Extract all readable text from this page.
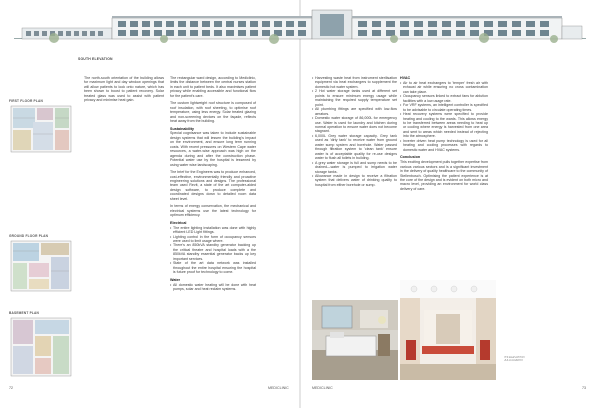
SOUTH ELEVATION
FIRST FLOOR PLAN
GROUND FLOOR PLAN
BASEMENT PLAN

The north-south orientation of the building allows for maximum light and day window openings that will allow patients to look onto nature, which has been shown to boost to patient recovery. Solar treated glass was used to assist with patient privacy and minimise heat gain.

The rectangular ward design, according to Mediclinic, limits the distance between the central nurses station in each unit to patient beds. It also maximises patient privacy while enabling accessible and functional flow for the patient's care.

The custom lightweight roof structure is composed of roof insulation, with roof sheeting, to optimise roof temperature, using less energy. Solar treated glazing and non-screening devices on the façade, reflects heat away from the building.

Sustainability

Special cognisance was taken to include sustainable design systems that will lessen the building's impact on the environment, and ensure long term running costs. With recent pressures on Western Cape water resources, a water-wise approach was high on the agenda during and after the construction phase. Potential water use by the hospital is lessened by using water wise landscaping.

The brief for the Engineers was to produce enhanced, cost-effective, environmentally friendly and proactive engineering solutions and designs. The professional team used Revit, a state of the art computer-aided design software, to produce complete and coordinated designs down to detailed room data sheet level.

In terms of energy conservation, the mechanical and electrical systems use the latest technology for optimum efficiency.

Electrical
• The entire lighting installation was done with highly efficient LED Light fittings.
• Lighting control in the form of occupancy sensors were used to limit usage where.
• There's an 850kVA standby generator backing up the critical theatre and hospital loads with a the 850kVA standby essential generator backs up key important services.
• State of the art data network was installed throughout the entire hospital ensuring the hospital is future proof for technology to come.
Water
• All domestic water heating will be done with heat pumps, solar and heat reclaim systems.
• Harvesting waste heat from instrument sterilisation equipment via heat exchangers to supplement the domestic hot water system.
• 2 Hot water storage tanks used at different set points to ensure minimum energy usage while maintaining the required supply temperature set point.
• All plumbing fittings are specified with low-flow aerators.
• Domestic water storage of 86,000L for emergency use. Water is used for laundry and kitchen during normal operation to ensure water does not become stagnant.
• 6,000L Grey water storage capacity. Grey tank used as 'dirty tank' to receive water from ground water sump system and borehole. Water passed through filtration system to 'clean tank' ensure water is of acceptable quality for re-use designs water to flush all toilets in building.
• A grey water storage is full and sump needs to be drained—water is pumped to irrigation water storage tanks.
• Allowance made in design to receive a filtration system that delivers water of drinking quality to hospital from either borehole or sump.
HVAC
• Air to air heat exchangers to 'temper' fresh air with exhaust air while ensuring no cross contamination can take place.
• Occupancy sensors linked to extract fans for ablution facilities with a low usage rate.
• For VRF systems, an intelligent controller is specified to be advisable to circulate operating times.
• Heat recovery systems were specified to provide heating and cooling to the wards. This allows energy to be transferred between areas needing to heat up or cooling where energy is harvested from one area and sent to areas which needed instead of rejecting into the atmosphere.
• Inverter driven heat pump technology is used for all heating and cooling processes with regards to domestic water and HVAC systems.
Conclusion

This exciting development pulls together expertise from various various sectors and is a significant investment in the delivery of quality healthcare to the community of Stellenbosch. Optimising the patient experience is at the core of the design and is evident on both micro and macro level, providing an environment for world class delivery of care.

ITS ELEVATION
JULIA FAIRFIX
72	MEDICLINIC	MEDICLINIC	73
